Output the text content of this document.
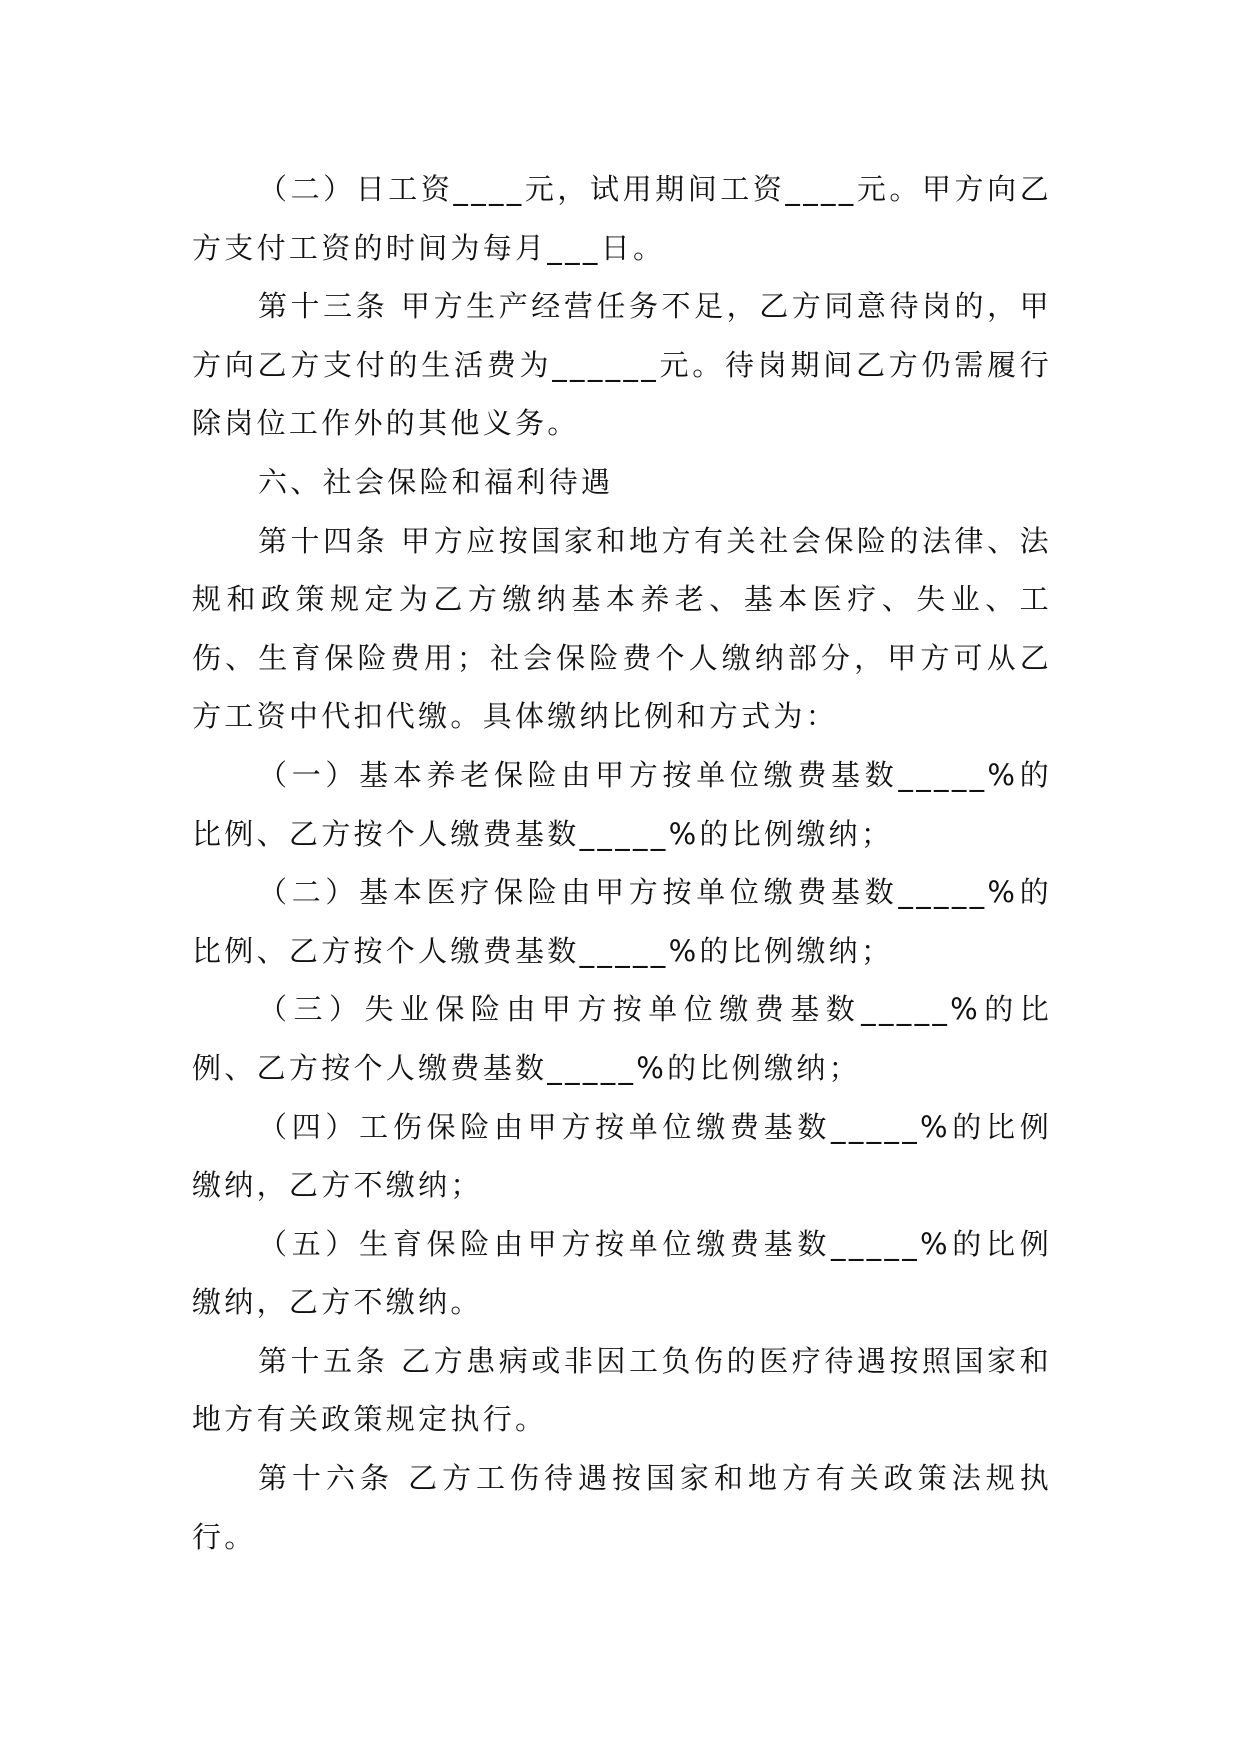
（二）日工资____元，试用期间工资____元。甲方向乙方支付工资的时间为每月___日。

第十三条 甲方生产经营任务不足，乙方同意待岗的，甲方向乙方支付的生活费为______元。待岗期间乙方仍需履行除岗位工作外的其他义务。

六、社会保险和福利待遇

第十四条 甲方应按国家和地方有关社会保险的法律、法规和政策规定为乙方缴纳基本养老、基本医疗、失业、工伤、生育保险费用；社会保险费个人缴纳部分，甲方可从乙方工资中代扣代缴。具体缴纳比例和方式为：

（一）基本养老保险由甲方按单位缴费基数_____%的比例、乙方按个人缴费基数_____%的比例缴纳；

（二）基本医疗保险由甲方按单位缴费基数_____%的比例、乙方按个人缴费基数_____%的比例缴纳；

（三）失业保险由甲方按单位缴费基数_____%的比例、乙方按个人缴费基数_____%的比例缴纳；

（四）工伤保险由甲方按单位缴费基数_____%的比例缴纳，乙方不缴纳；

（五）生育保险由甲方按单位缴费基数_____%的比例缴纳，乙方不缴纳。

第十五条 乙方患病或非因工负伤的医疗待遇按照国家和地方有关政策规定执行。

第十六条 乙方工伤待遇按国家和地方有关政策法规执行。
